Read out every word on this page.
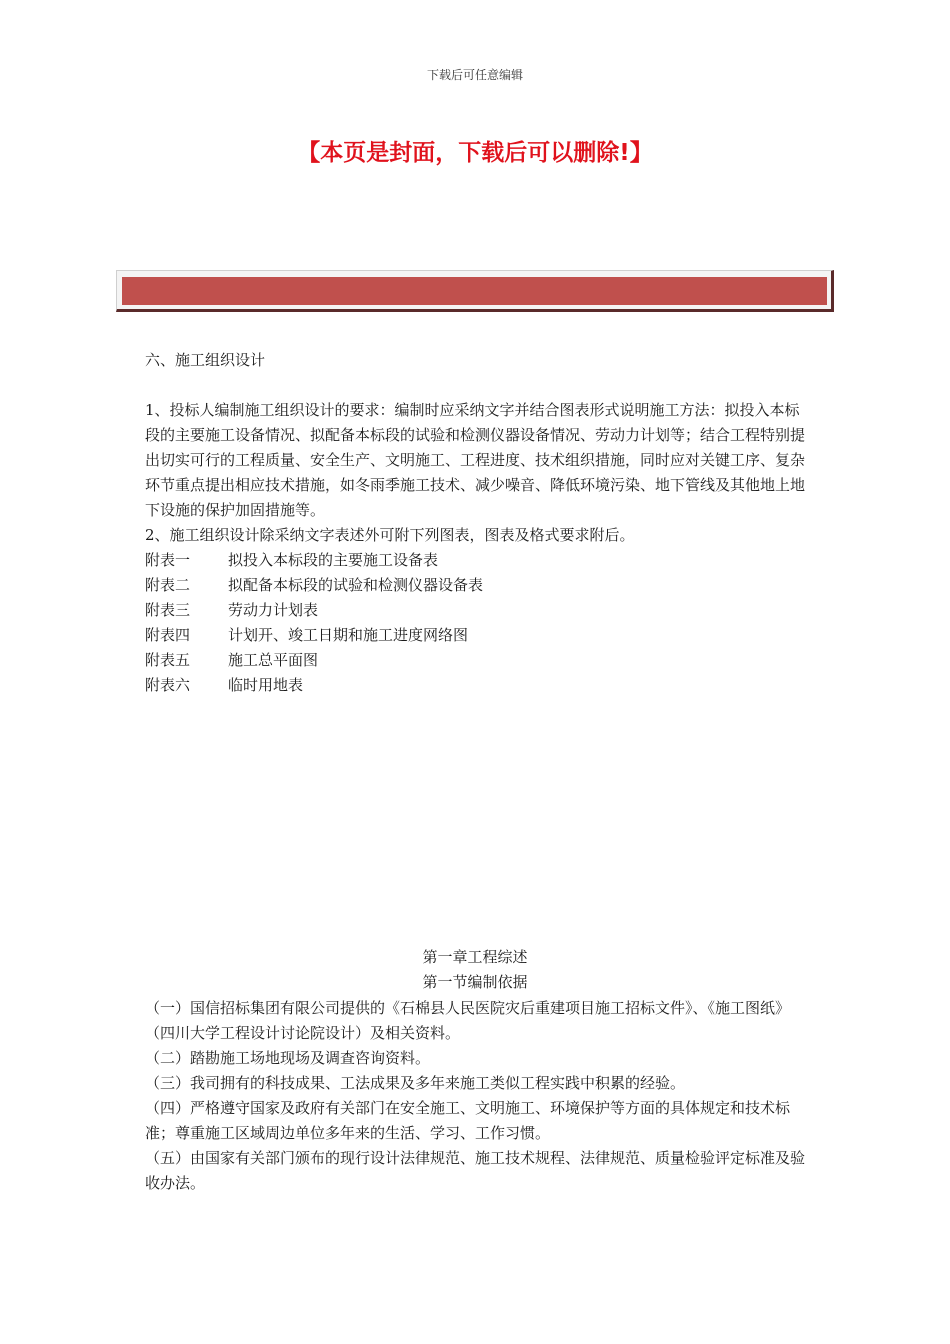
下载后可任意编辑
【本页是封面，下载后可以删除!】
六、施工组织设计

1、投标人编制施工组织设计的要求：编制时应采纳文字并结合图表形式说明施工方法：拟投入本标段的主要施工设备情况、拟配备本标段的试验和检测仪器设备情况、劳动力计划等；结合工程特别提出切实可行的工程质量、安全生产、文明施工、工程进度、技术组织措施，同时应对关键工序、复杂环节重点提出相应技术措施，如冬雨季施工技术、减少噪音、降低环境污染、地下管线及其他地上地下设施的保护加固措施等。

2、施工组织设计除采纳文字表述外可附下列图表，图表及格式要求附后。

附表一	拟投入本标段的主要施工设备表
附表二	拟配备本标段的试验和检测仪器设备表
附表三	劳动力计划表
附表四	计划开、竣工日期和施工进度网络图
附表五	施工总平面图
附表六	临时用地表
第一章工程综述
第一节编制依据

（一）国信招标集团有限公司提供的《石棉县人民医院灾后重建项目施工招标文件》、《施工图纸》（四川大学工程设计讨论院设计）及相关资料。

（二）踏勘施工场地现场及调查咨询资料。

（三）我司拥有的科技成果、工法成果及多年来施工类似工程实践中积累的经验。

（四）严格遵守国家及政府有关部门在安全施工、文明施工、环境保护等方面的具体规定和技术标准；尊重施工区域周边单位多年来的生活、学习、工作习惯。

（五）由国家有关部门颁布的现行设计法律规范、施工技术规程、法律规范、质量检验评定标准及验收办法。
